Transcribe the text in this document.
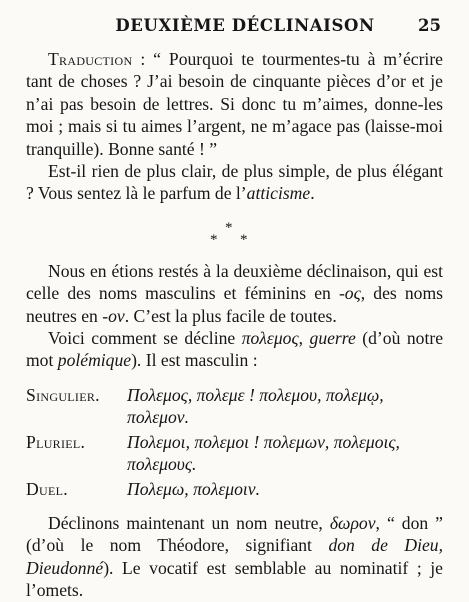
DEUXIÈME DÉCLINAISON	25

Traduction : “ Pourquoi te tourmentes-tu à m’écrire tant de choses ? J’ai besoin de cinquante pièces d’or et je n’ai pas besoin de lettres. Si donc tu m’aimes, donne-les moi ; mais si tu aimes l’argent, ne m’agace pas (laisse-moi tranquille). Bonne santé ! ”

Est-il rien de plus clair, de plus simple, de plus élégant ? Vous sentez là le parfum de l’atticisme.

*
*
*

Nous en étions restés à la deuxième déclinaison, qui est celle des noms masculins et féminins en -ος, des noms neutres en -ον. C’est la plus facile de toutes.

Voici comment se décline πολεμος, guerre (d’où notre mot polémique). Il est masculin :

Singulier.	Πολεμος, πολεμε ! πολεμου, πολεμῳ, πολεμον.
Pluriel.	Πολεμοι, πολεμοι ! πολεμων, πολεμοις, πολεμους.
Duel.	Πολεμω, πολεμοιν.

Déclinons maintenant un nom neutre, δωρον, “ don ” (d’où le nom Théodore, signifiant don de Dieu, Dieudonné). Le vocatif est semblable au nominatif ; je l’omets.
